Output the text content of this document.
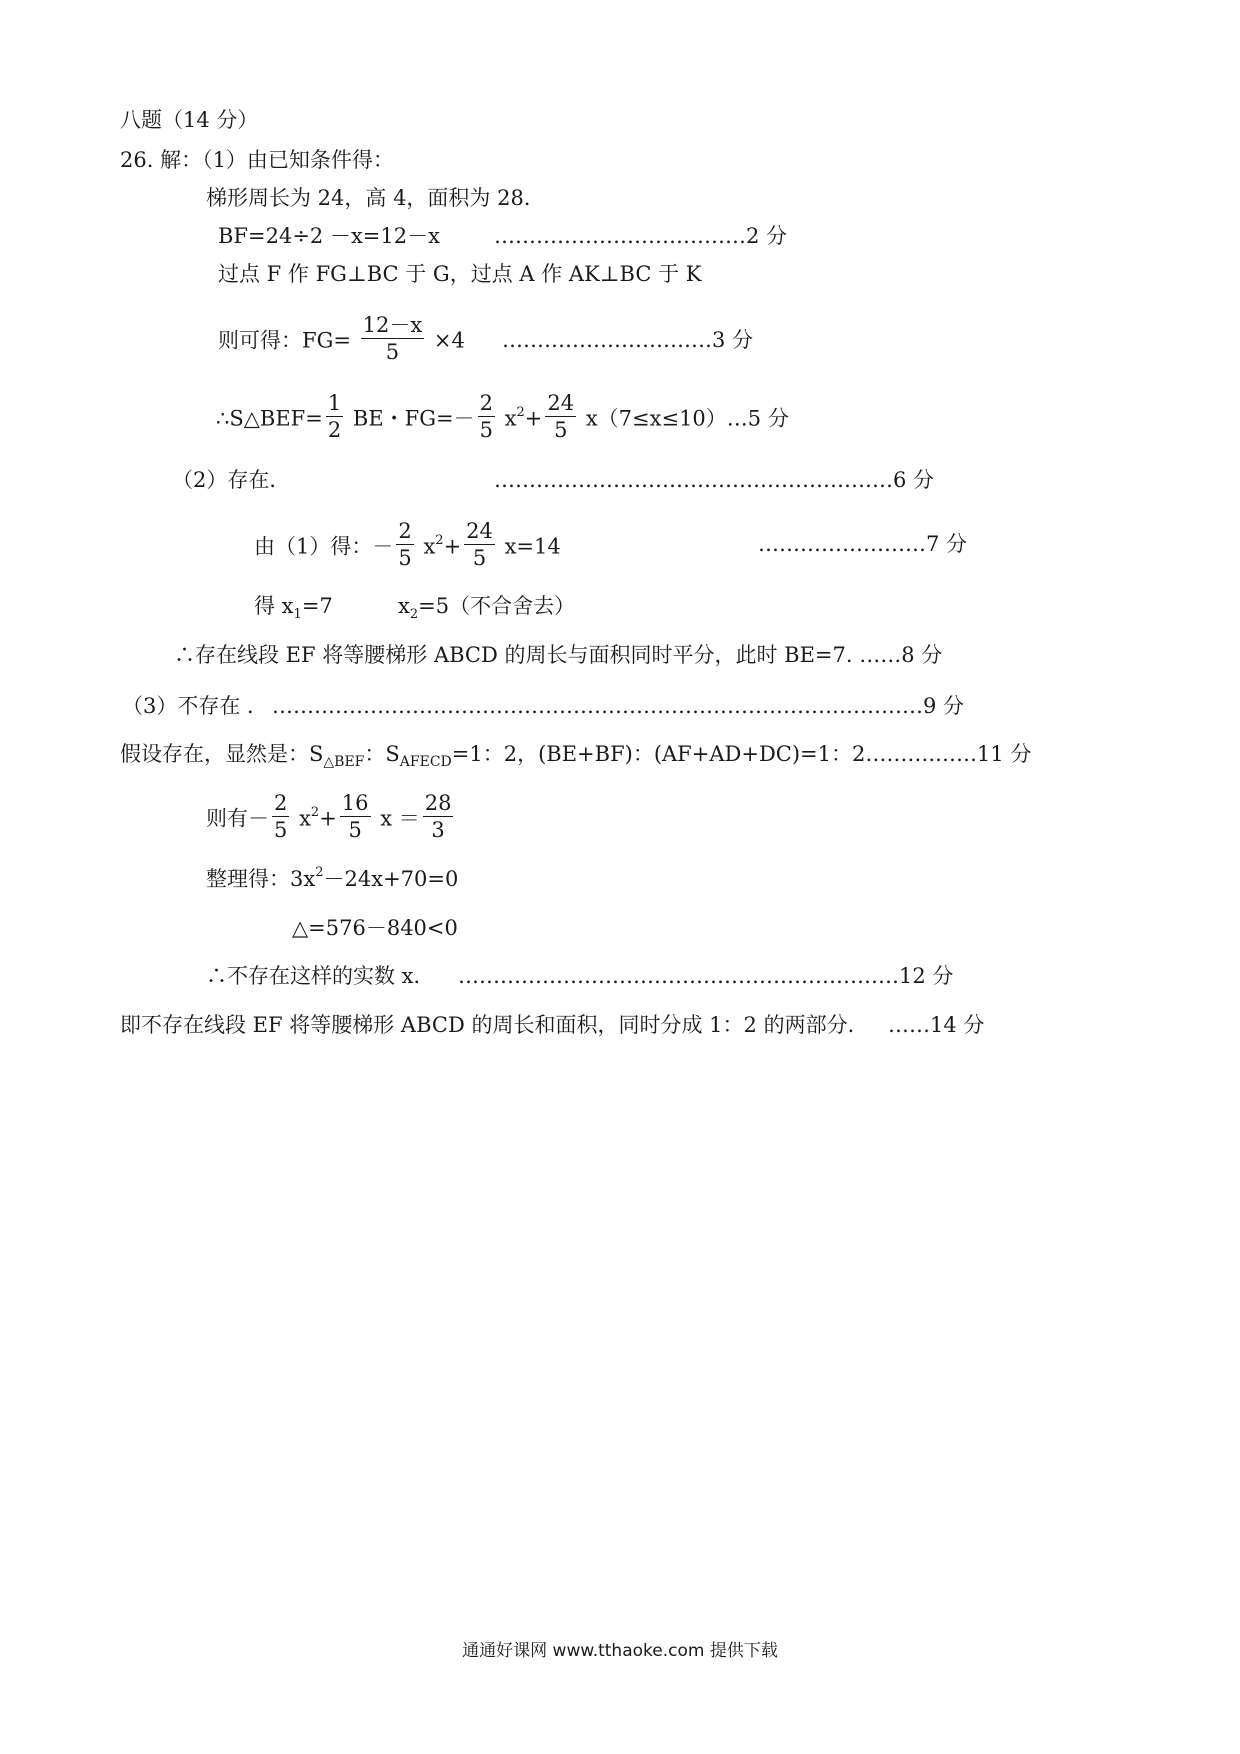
八题（14 分）
26. 解：（1）由已知条件得：
梯形周长为 24，高 4，面积为 28．
BF=24÷2 －x=12－x	………………………………2 分
过点 F 作 FG⊥BC 于 G，过点 A 作 AK⊥BC 于 K
则可得：$FG= \frac{12-x}{5} \times 4$ …………………………3 分
∴S△BEF= $\frac{1}{2}$ BE・$FG=- \frac{2}{5} x^2+ \frac{24}{5}$ x（7≤x≤10）…5 分
（2）存在．	…………………………………………………6 分
由（1）得：－ $\frac{2}{5} x^2+ \frac{24}{5} x=14$	……………………7 分
得 $x_1=7$	$x_2=5$（不合舍去）
∴存在线段 EF 将等腰梯形 ABCD 的周长与面积同时平分，此时 BE=7. ……8 分
（3）不存在 ． …………………………………………………………………………………9 分
假设存在，显然是：$S_{\triangle BEF}$：$S_{AFECD}=1$：2，(BE+BF)：(AF+AD+DC)=1：2……….……11 分
则有－ $\frac{2}{5} x^2+ \frac{16}{5}$ $x = \frac{28}{3}$
整理得：$3x^2-24x+70=0$
△=576－840<0
∴不存在这样的实数 x． ………………………………………………………12 分
即不存在线段 EF 将等腰梯形 ABCD 的周长和面积，同时分成 1：2 的两部分． ……14 分
通通好课网 www.tthaoke.com 提供下载
